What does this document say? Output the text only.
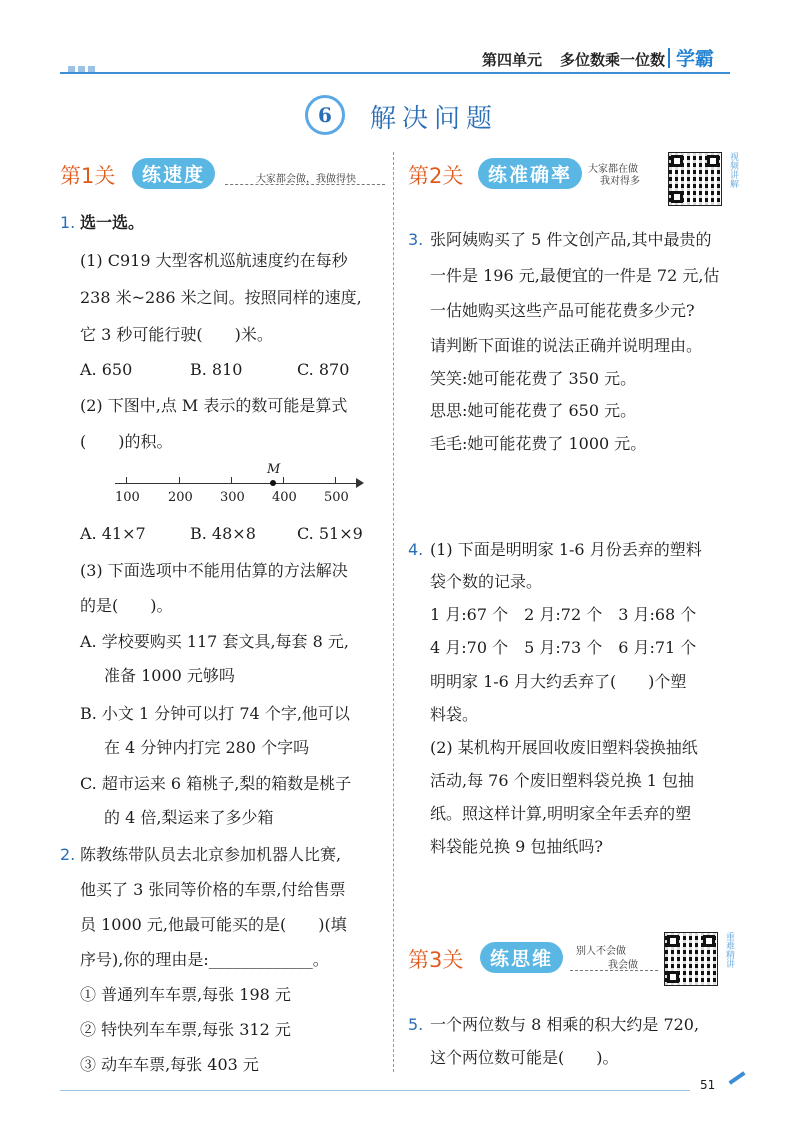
第四单元 多位数乘一位数 学霸
6	解决问题
第1关	练速度	大家都会做，我做得快 第2关	练准确率	大家都在做
我对得多	视频讲解
第3关	练思维	别人不会做
我会做	重难精讲
1. 选一选。
(1) C919 大型客机巡航速度约在每秒
238 米~286 米之间。按照同样的速度,
它 3 秒可能行驶(　　)米。
A. 650	B. 810	C. 870
(2) 下图中,点 M 表示的数可能是算式
(　　)的积。
100 200 300 400 500
M
A. 41×7	B. 48×8	C. 51×9
(3) 下面选项中不能用估算的方法解决
的是(　　)。
A. 学校要购买 117 套文具,每套 8 元,
准备 1000 元够吗
B. 小文 1 分钟可以打 74 个字,他可以
在 4 分钟内打完 280 个字吗
C. 超市运来 6 箱桃子,梨的箱数是桃子
的 4 倍,梨运来了多少箱
2. 陈教练带队员去北京参加机器人比赛,
他买了 3 张同等价格的车票,付给售票
员 1000 元,他最可能买的是(　　)(填
序号),你的理由是:_____________。
① 普通列车车票,每张 198 元
② 特快列车车票,每张 312 元
③ 动车车票,每张 403 元
3. 张阿姨购买了 5 件文创产品,其中最贵的
一件是 196 元,最便宜的一件是 72 元,估
一估她购买这些产品可能花费多少元?
请判断下面谁的说法正确并说明理由。
笑笑:她可能花费了 350 元。
思思:她可能花费了 650 元。
毛毛:她可能花费了 1000 元。
4. (1) 下面是明明家 1-6 月份丢弃的塑料
袋个数的记录。
1 月:67 个　2 月:72 个　3 月:68 个
4 月:70 个　5 月:73 个　6 月:71 个
明明家 1-6 月大约丢弃了(　　)个塑
料袋。
(2) 某机构开展回收废旧塑料袋换抽纸
活动,每 76 个废旧塑料袋兑换 1 包抽
纸。照这样计算,明明家全年丢弃的塑
料袋能兑换 9 包抽纸吗?
5. 一个两位数与 8 相乘的积大约是 720,
这个两位数可能是(　　)。
51
